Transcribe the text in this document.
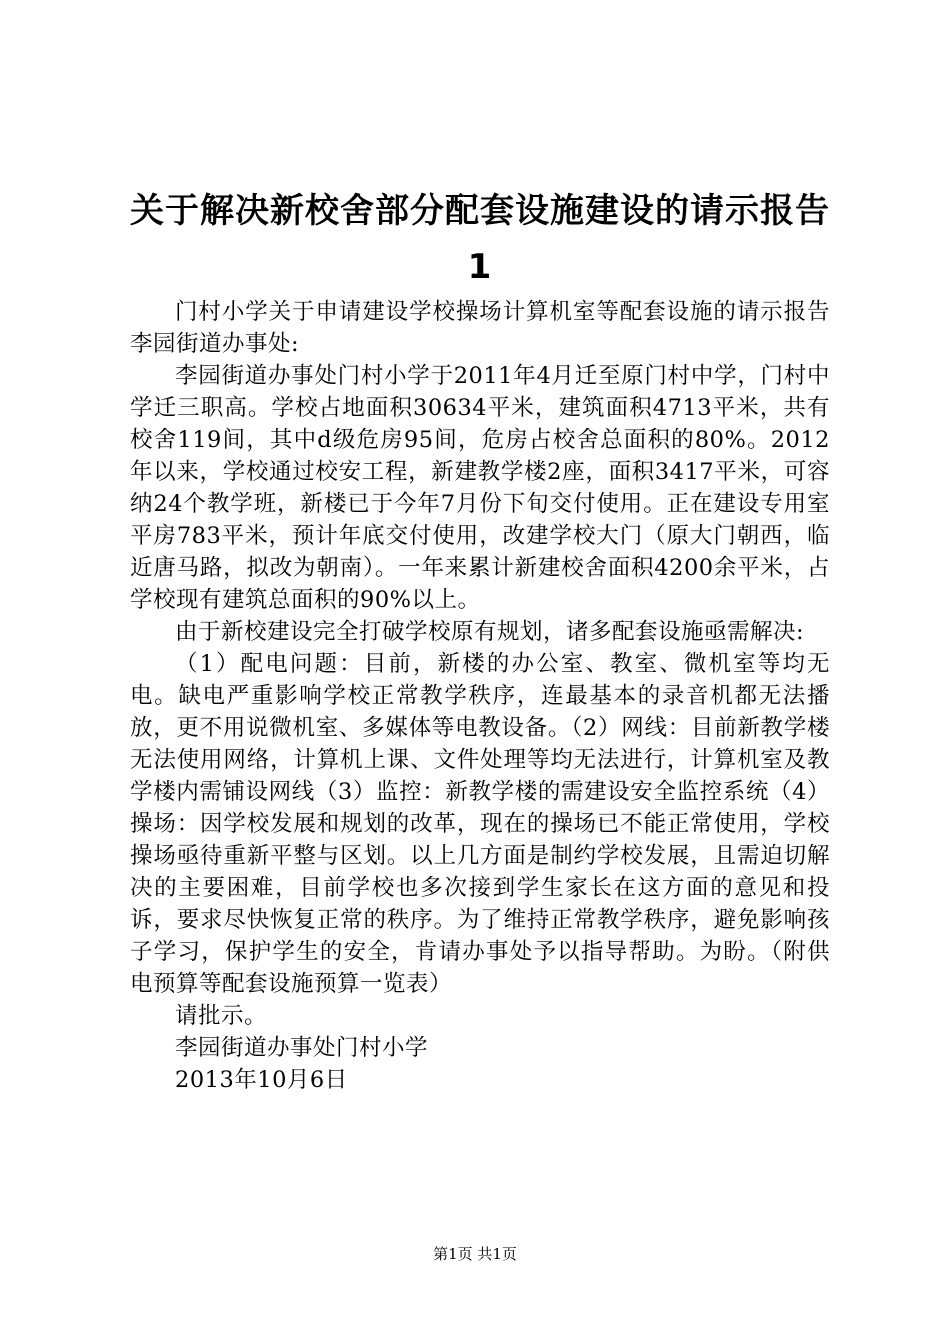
关于解决新校舍部分配套设施建设的请示报告1

门村小学关于申请建设学校操场计算机室等配套设施的请示报告李园街道办事处:

李园街道办事处门村小学于2011年4月迁至原门村中学，门村中学迁三职高。学校占地面积30634平米，建筑面积4713平米，共有校舍119间，其中d级危房95间，危房占校舍总面积的80%。2012年以来，学校通过校安工程，新建教学楼2座，面积3417平米，可容纳24个教学班，新楼已于今年7月份下旬交付使用。正在建设专用室平房783平米，预计年底交付使用，改建学校大门（原大门朝西，临近唐马路，拟改为朝南）。一年来累计新建校舍面积4200余平米，占学校现有建筑总面积的90%以上。

由于新校建设完全打破学校原有规划，诸多配套设施亟需解决:

（1）配电问题：目前，新楼的办公室、教室、微机室等均无电。缺电严重影响学校正常教学秩序，连最基本的录音机都无法播放，更不用说微机室、多媒体等电教设备。（2）网线：目前新教学楼无法使用网络，计算机上课、文件处理等均无法进行，计算机室及教学楼内需铺设网线（3）监控：新教学楼的需建设安全监控系统（4）操场：因学校发展和规划的改革，现在的操场已不能正常使用，学校操场亟待重新平整与区划。以上几方面是制约学校发展，且需迫切解决的主要困难，目前学校也多次接到学生家长在这方面的意见和投诉，要求尽快恢复正常的秩序。为了维持正常教学秩序，避免影响孩子学习，保护学生的安全，肯请办事处予以指导帮助。为盼。（附供电预算等配套设施预算一览表）

请批示。

李园街道办事处门村小学

2013年10月6日

第1页 共1页
